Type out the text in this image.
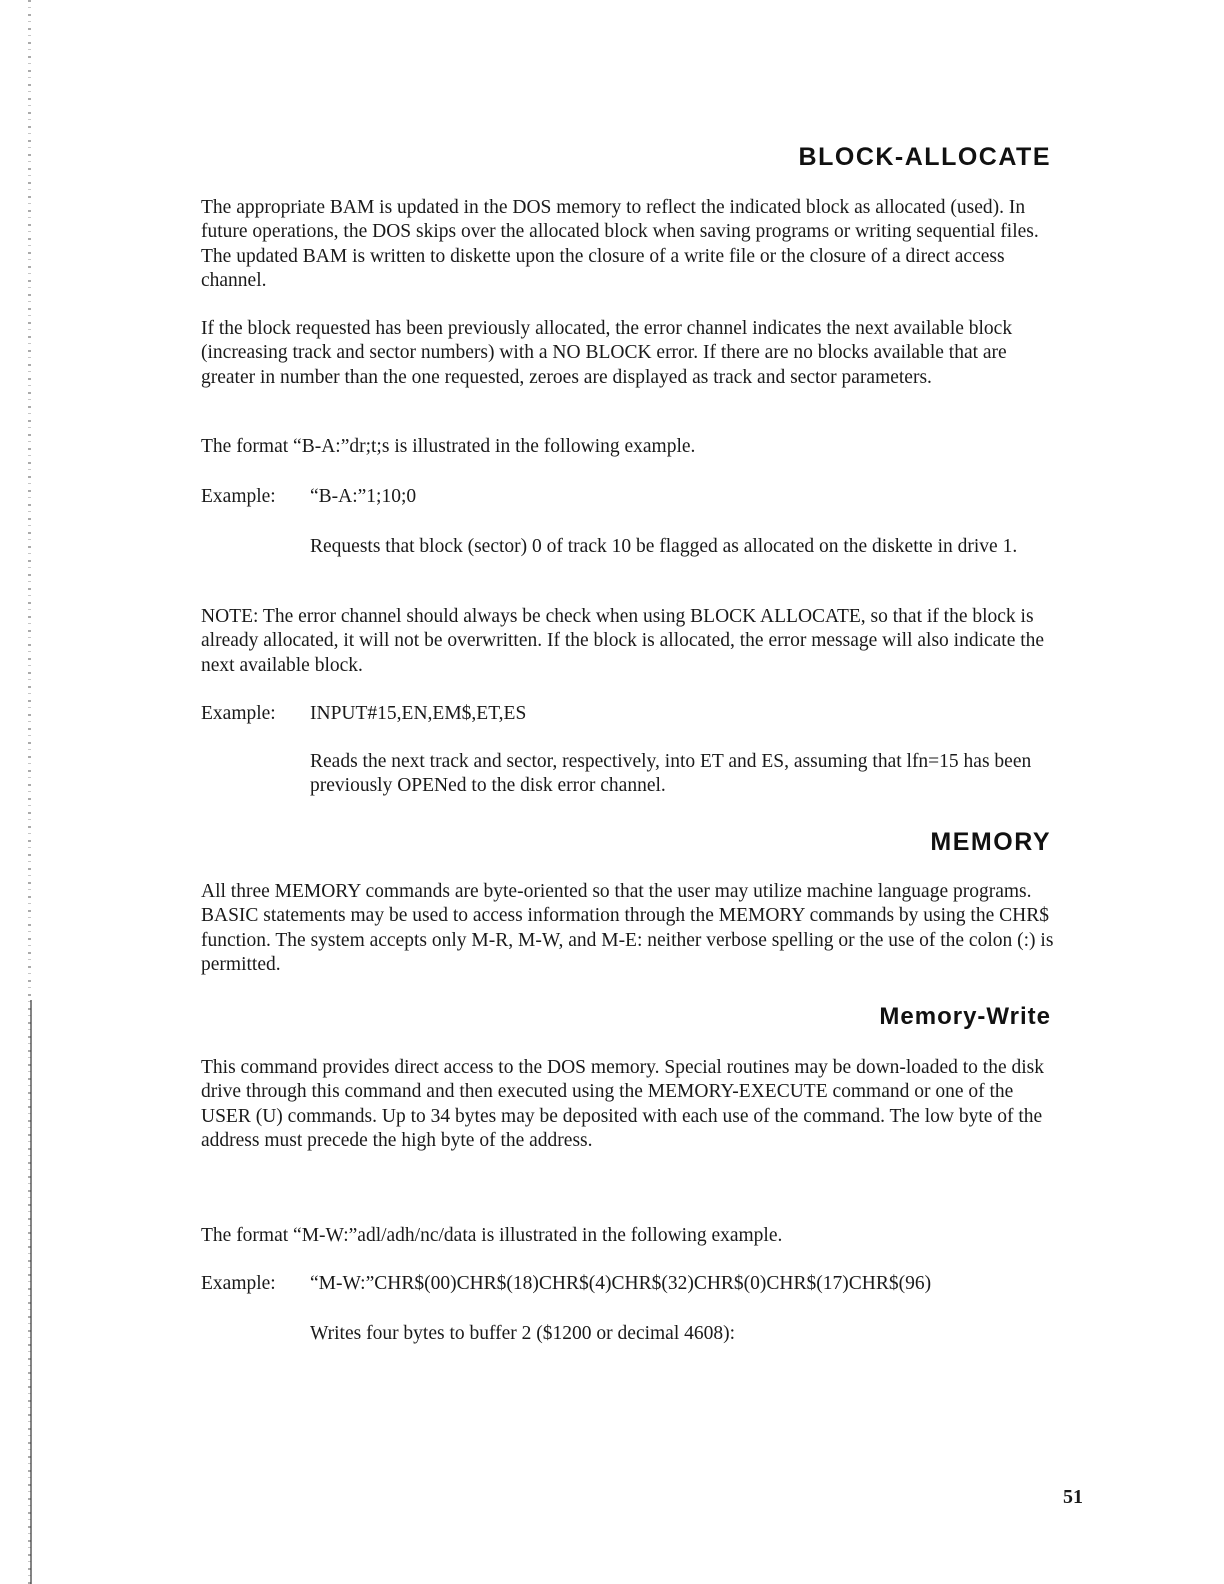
BLOCK-ALLOCATE

The appropriate BAM is updated in the DOS memory to reflect the indicated block as allocated (used). In future operations, the DOS skips over the allocated block when saving programs or writing sequential files. The updated BAM is written to diskette upon the closure of a write file or the closure of a direct access channel.

If the block requested has been previously allocated, the error channel indicates the next available block (increasing track and sector numbers) with a NO BLOCK error. If there are no blocks available that are greater in number than the one requested, zeroes are displayed as track and sector parameters.

The format “B-A:”dr;t;s is illustrated in the following example.

Example: “B-A:”1;10;0

Requests that block (sector) 0 of track 10 be flagged as allocated on the diskette in drive 1.

NOTE: The error channel should always be check when using BLOCK ALLOCATE, so that if the block is already allocated, it will not be overwritten. If the block is allocated, the error message will also indicate the next available block.

Example: INPUT#15,EN,EM$,ET,ES

Reads the next track and sector, respectively, into ET and ES, assuming that lfn=15 has been previously OPENed to the disk error channel.

MEMORY

All three MEMORY commands are byte-oriented so that the user may utilize machine language programs. BASIC statements may be used to access information through the MEMORY commands by using the CHR$ function. The system accepts only M-R, M-W, and M-E: neither verbose spelling or the use of the colon (:) is permitted.

Memory-Write

This command provides direct access to the DOS memory. Special routines may be down-loaded to the disk drive through this command and then executed using the MEMORY-EXECUTE command or one of the USER (U) commands. Up to 34 bytes may be deposited with each use of the command. The low byte of the address must precede the high byte of the address.

The format “M-W:”adl/adh/nc/data is illustrated in the following example.

Example: “M-W:”CHR$(00)CHR$(18)CHR$(4)CHR$(32)CHR$(0)CHR$(17)CHR$(96)

Writes four bytes to buffer 2 ($1200 or decimal 4608):

51
